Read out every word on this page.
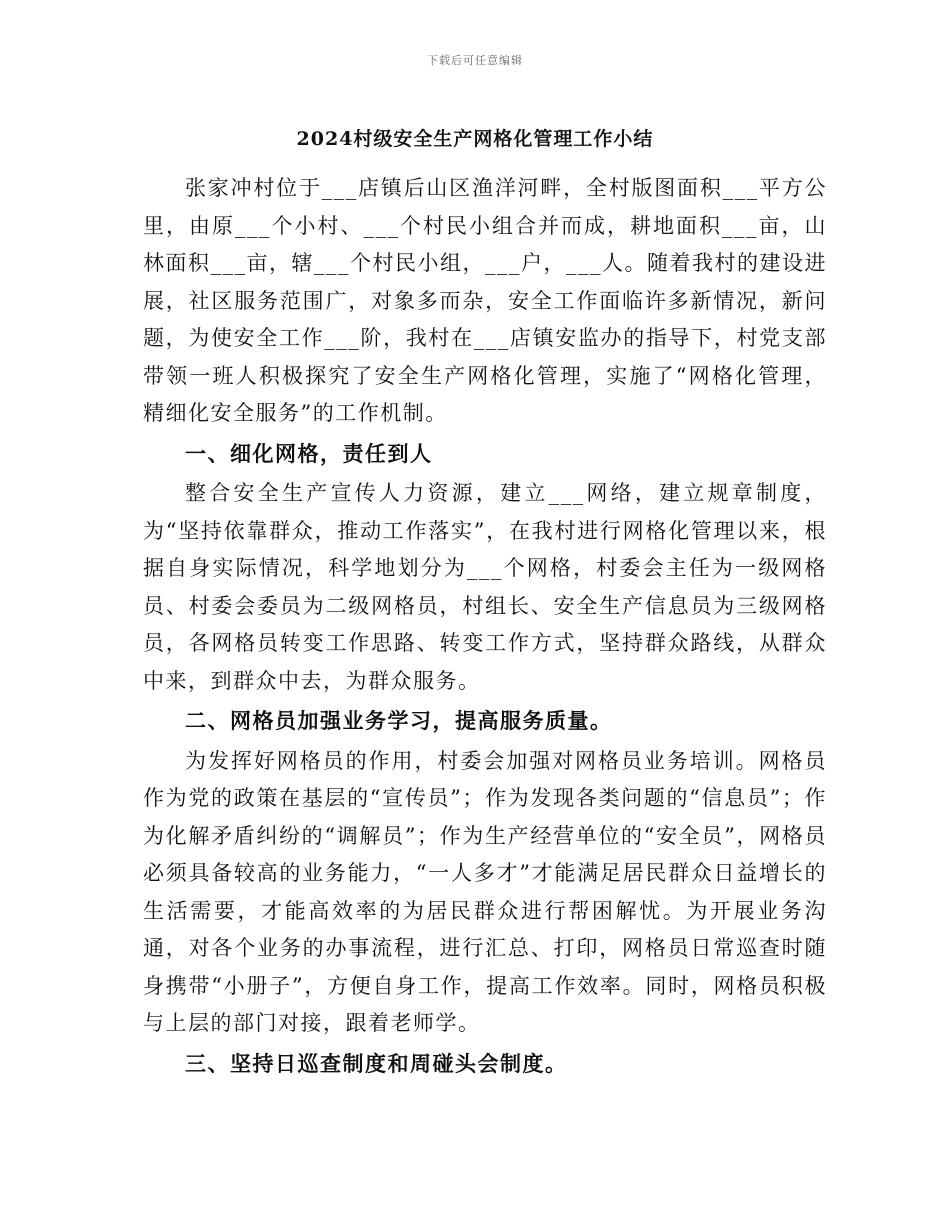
下载后可任意编辑
2024村级安全生产网格化管理工作小结

张家冲村位于___店镇后山区渔洋河畔，全村版图面积___平方公里，由原___个小村、___个村民小组合并而成，耕地面积___亩，山林面积___亩，辖___个村民小组，___户，___人。随着我村的建设进展，社区服务范围广，对象多而杂，安全工作面临许多新情况，新问题，为使安全工作___阶，我村在___店镇安监办的指导下，村党支部带领一班人积极探究了安全生产网格化管理，实施了“网格化管理，精细化安全服务”的工作机制。

一、细化网格，责任到人

整合安全生产宣传人力资源，建立___网络，建立规章制度，为“坚持依靠群众，推动工作落实”，在我村进行网格化管理以来，根据自身实际情况，科学地划分为___个网格，村委会主任为一级网格员、村委会委员为二级网格员，村组长、安全生产信息员为三级网格员，各网格员转变工作思路、转变工作方式，坚持群众路线，从群众中来，到群众中去，为群众服务。

二、网格员加强业务学习，提高服务质量。

为发挥好网格员的作用，村委会加强对网格员业务培训。网格员作为党的政策在基层的“宣传员”；作为发现各类问题的“信息员”；作为化解矛盾纠纷的“调解员”；作为生产经营单位的“安全员”，网格员必须具备较高的业务能力，“一人多才”才能满足居民群众日益增长的生活需要，才能高效率的为居民群众进行帮困解忧。为开展业务沟通，对各个业务的办事流程，进行汇总、打印，网格员日常巡查时随身携带“小册子”，方便自身工作，提高工作效率。同时，网格员积极与上层的部门对接，跟着老师学。

三、坚持日巡查制度和周碰头会制度。
